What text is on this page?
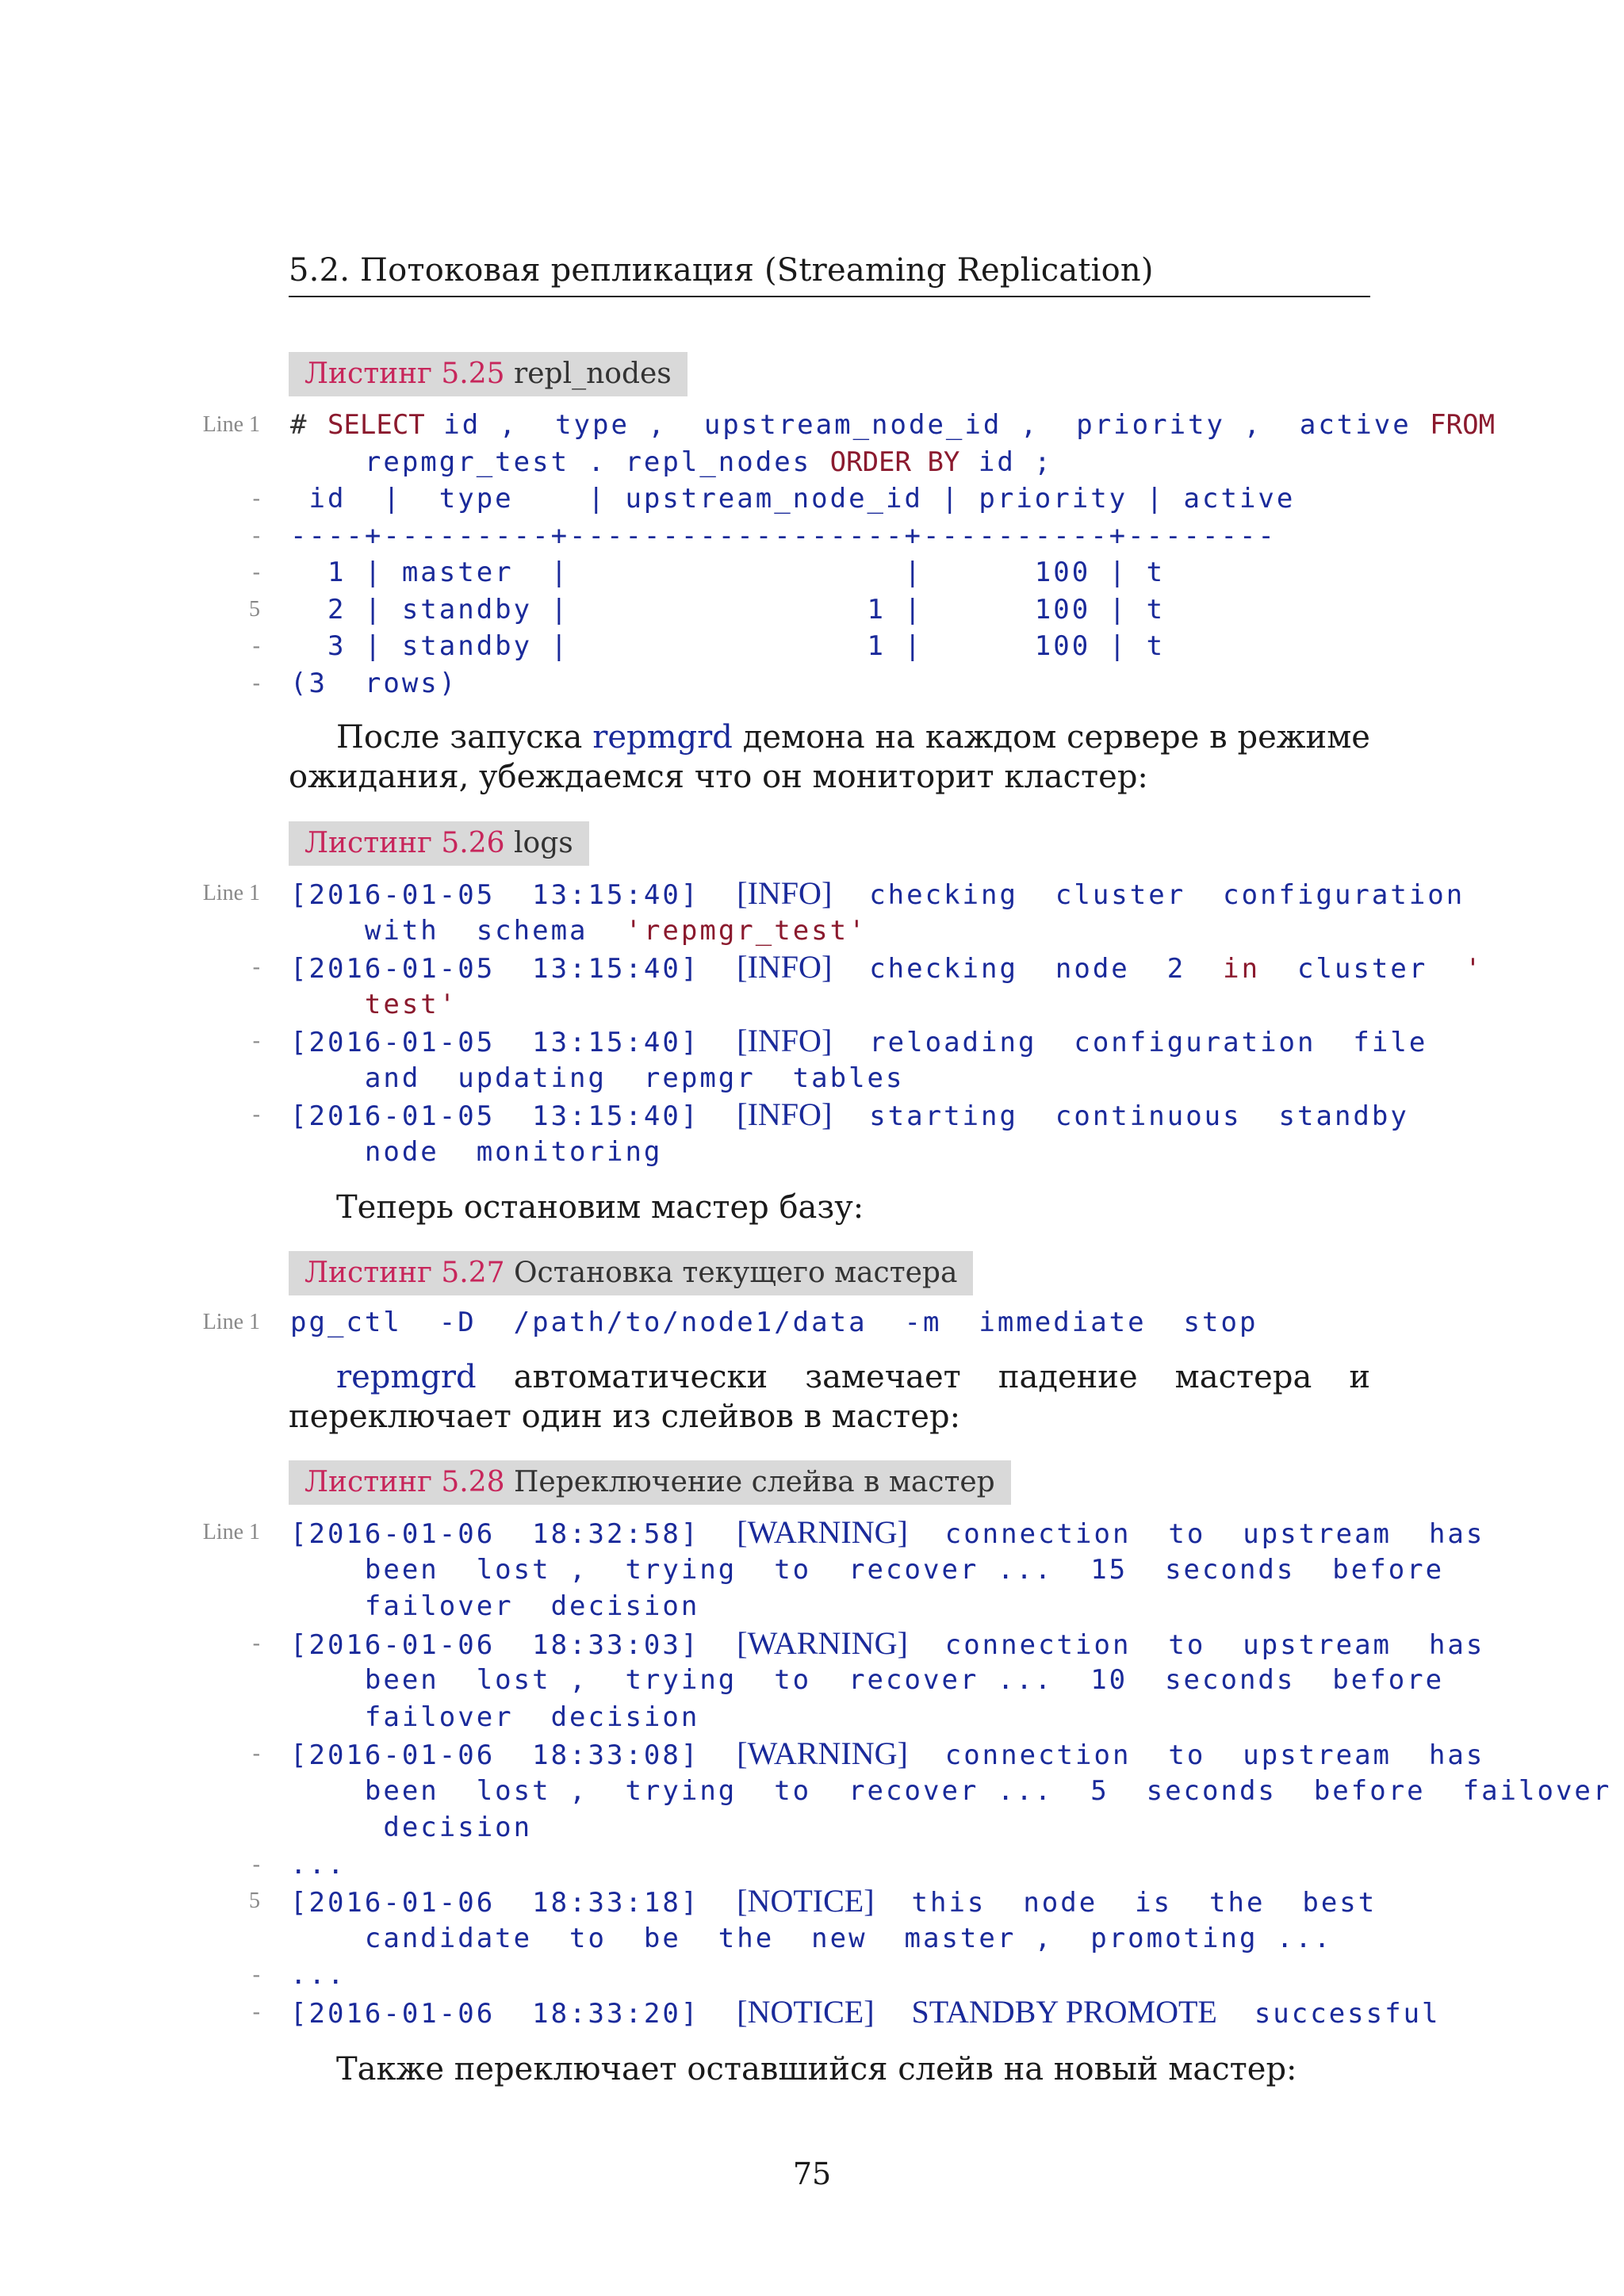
5.2. Потоковая репликация (Streaming Replication)
Листинг 5.25 repl_nodes
Line 1 # SELECT id ,  type ,  upstream_node_id ,  priority ,  active FROM
repmgr_test . repl_nodes ORDER BY id ;
- id  |  type    | upstream_node_id | priority | active
- ----+---------+------------------+----------+--------
- 1 | master  |                  |      100 | t
5 2 | standby |                1 |      100 | t
- 3 | standby |                1 |      100 | t
- (3  rows)
После запуска repmgrd демона на каждом сервере в режиме ожидания, убеждаемся что он мониторит кластер:
Листинг 5.26 logs
Line 1 [2016-01-05  13:15:40]  [INFO]  checking  cluster  configuration
with  schema  'repmgr_test'
- [2016-01-05  13:15:40]  [INFO]  checking  node  2  in  cluster  '
test'
- [2016-01-05  13:15:40]  [INFO]  reloading  configuration  file
and  updating  repmgr  tables
- [2016-01-05  13:15:40]  [INFO]  starting  continuous  standby
node  monitoring
Теперь остановим мастер базу:
Листинг 5.27 Остановка текущего мастера
Line 1 pg_ctl  -D  /path/to/node1/data  -m  immediate  stop
repmgrd автоматически замечает падение мастера и переключает один из слейвов в мастер:
Листинг 5.28 Переключение слейва в мастер
Line 1 [2016-01-06  18:32:58]  [WARNING]  connection  to  upstream  has
been  lost ,  trying  to  recover ...  15  seconds  before
failover  decision
- [2016-01-06  18:33:03]  [WARNING]  connection  to  upstream  has
been  lost ,  trying  to  recover ...  10  seconds  before
failover  decision
- [2016-01-06  18:33:08]  [WARNING]  connection  to  upstream  has
been  lost ,  trying  to  recover ...  5  seconds  before  failover
decision
- ...
5 [2016-01-06  18:33:18]  [NOTICE]  this  node  is  the  best
candidate  to  be  the  new  master ,  promoting ...
- ...
- [2016-01-06  18:33:20]  [NOTICE] STANDBY PROMOTE  successful
Также переключает оставшийся слейв на новый мастер:
75
